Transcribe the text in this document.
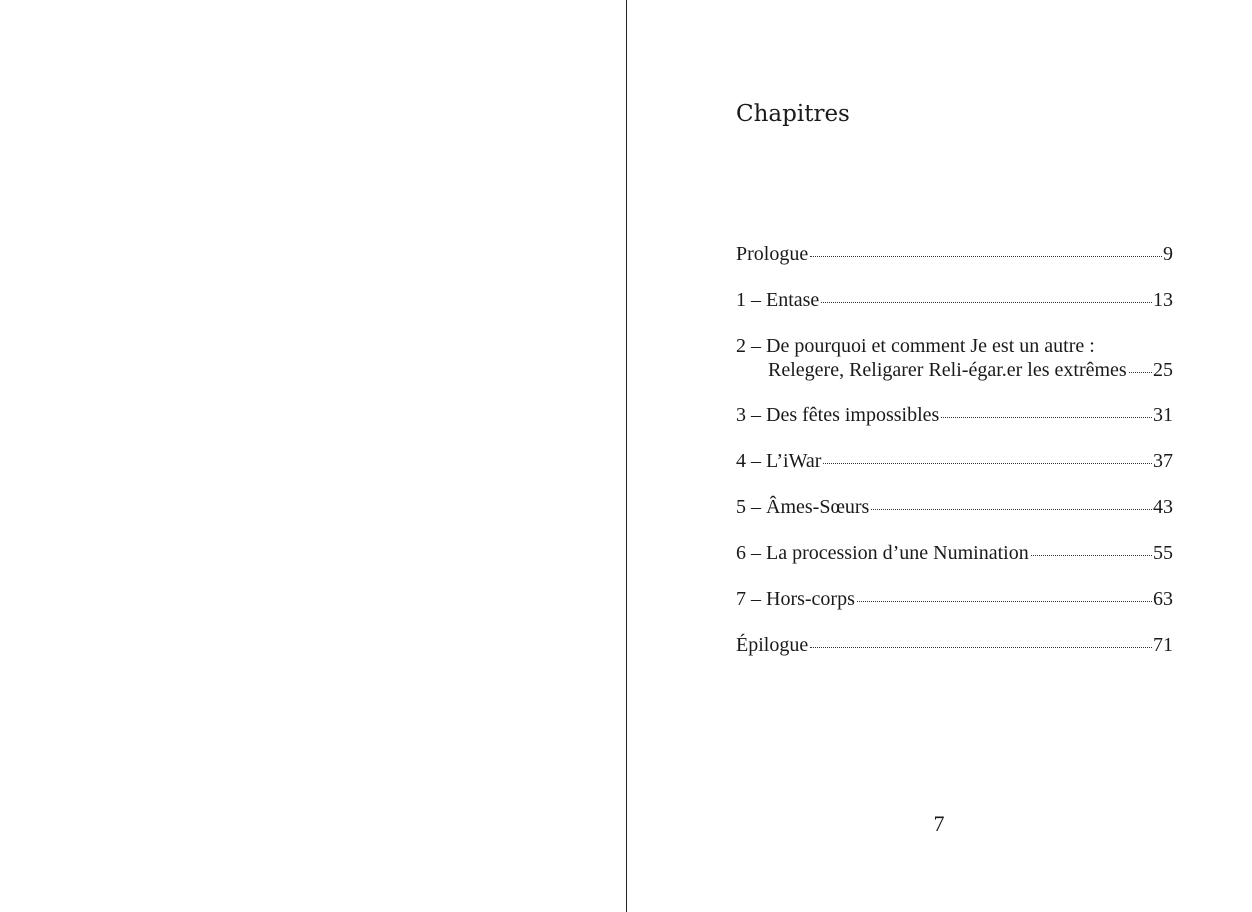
Chapitres
Prologue	9
1 – Entase	13
2 – De pourquoi et comment Je est un autre :
Relegere, Religarer Reli-égar.er les extrêmes 25
3 – Des fêtes impossibles	31
4 – L’iWar	37
5 – Âmes-Sœurs	43
6 – La procession d’une Numination	55
7 – Hors-corps	63
Épilogue	71
7
